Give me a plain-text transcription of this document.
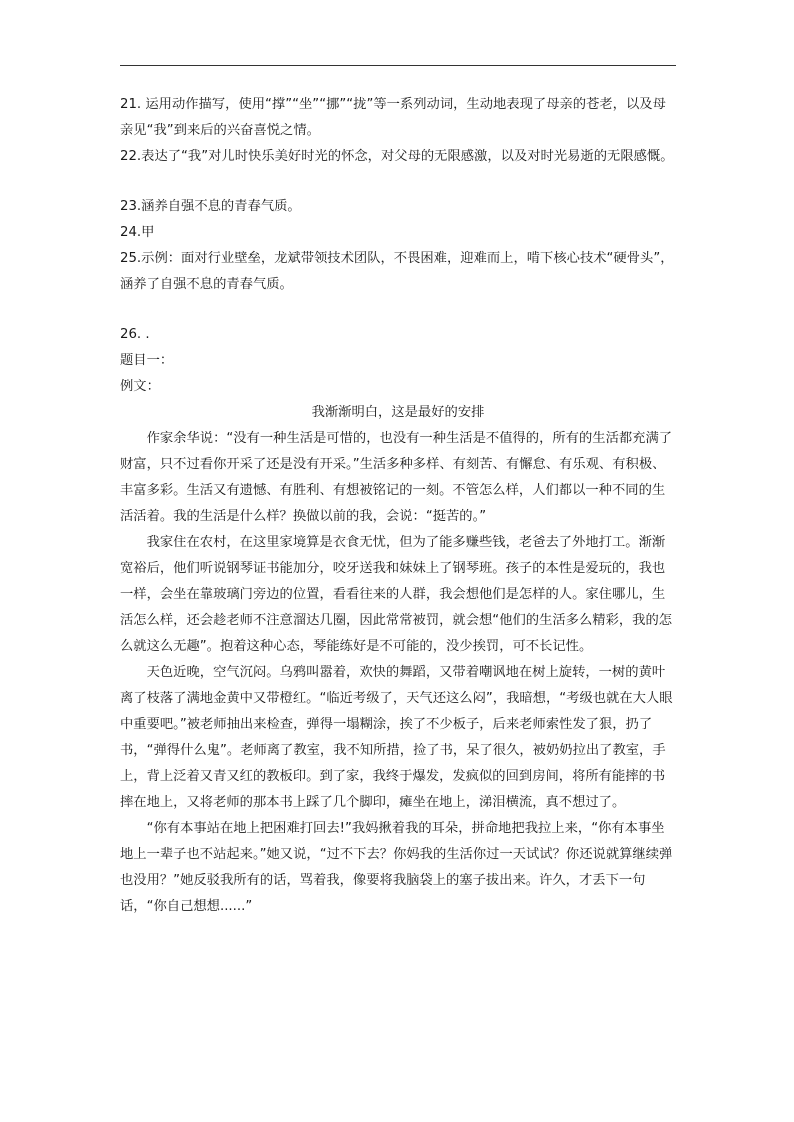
21. 运用动作描写，使用“撑”“坐”“挪”“拢”等一系列动词，生动地表现了母亲的苍老，以及母亲见“我”到来后的兴奋喜悦之情。

22.表达了“我”对儿时快乐美好时光的怀念，对父母的无限感激，以及对时光易逝的无限感慨。

23.涵养自强不息的青春气质。

24.甲

25.示例：面对行业壁垒，龙斌带领技术团队，不畏困难，迎难而上，啃下核心技术“硬骨头”，涵养了自强不息的青春气质。

26. .

题目一：

例文：

我渐渐明白，这是最好的安排

作家余华说：“没有一种生活是可惜的，也没有一种生活是不值得的，所有的生活都充满了财富，只不过看你开采了还是没有开采。”生活多种多样、有刻苦、有懈怠、有乐观、有积极、丰富多彩。生活又有遗憾、有胜利、有想被铭记的一刻。不管怎么样，人们都以一种不同的生活活着。我的生活是什么样？换做以前的我，会说：“挺苦的。”

我家住在农村，在这里家境算是衣食无忧，但为了能多赚些钱，老爸去了外地打工。渐渐宽裕后，他们听说钢琴证书能加分，咬牙送我和妹妹上了钢琴班。孩子的本性是爱玩的，我也一样，会坐在靠玻璃门旁边的位置，看看往来的人群，我会想他们是怎样的人。家住哪儿，生活怎么样，还会趁老师不注意溜达几圈，因此常常被罚，就会想“他们的生活多么精彩，我的怎么就这么无趣”。抱着这种心态，琴能练好是不可能的，没少挨罚，可不长记性。

天色近晚，空气沉闷。乌鸦叫嚣着，欢快的舞蹈，又带着嘲讽地在树上旋转，一树的黄叶离了枝落了满地金黄中又带橙红。“临近考级了，天气还这么闷”，我暗想，“考级也就在大人眼中重要吧。”被老师抽出来检查，弹得一塌糊涂，挨了不少板子，后来老师索性发了狠，扔了书，“弹得什么鬼”。老师离了教室，我不知所措，捡了书，呆了很久，被奶奶拉出了教室，手上，背上泛着又青又红的教板印。到了家，我终于爆发，发疯似的回到房间，将所有能摔的书摔在地上，又将老师的那本书上踩了几个脚印，瘫坐在地上，涕泪横流，真不想过了。

“你有本事站在地上把困难打回去!”我妈揪着我的耳朵，拼命地把我拉上来，“你有本事坐地上一辈子也不站起来。”她又说，“过不下去？你妈我的生活你过一天试试？你还说就算继续弹也没用？”她反驳我所有的话，骂着我，像要将我脑袋上的塞子拔出来。许久，才丢下一句话，“你自己想想......”
